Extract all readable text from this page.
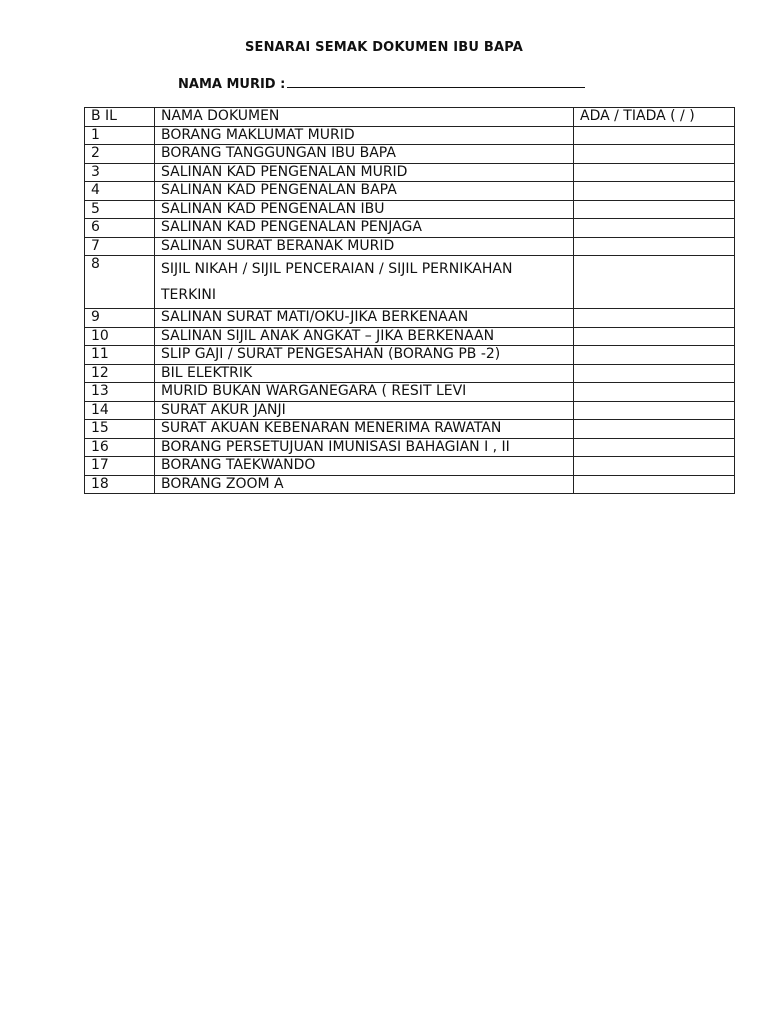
SENARAI SEMAK DOKUMEN IBU BAPA
NAMA MURID :
B IL	NAMA DOKUMEN	ADA / TIADA ( / )
1	BORANG MAKLUMAT MURID	
2	BORANG TANGGUNGAN IBU BAPA	
3	SALINAN KAD PENGENALAN MURID	
4	SALINAN KAD PENGENALAN BAPA	
5	SALINAN KAD PENGENALAN IBU	
6	SALINAN KAD PENGENALAN PENJAGA	
7	SALINAN SURAT BERANAK MURID	
8	SIJIL NIKAH / SIJIL PENCERAIAN / SIJIL PERNIKAHAN TERKINI	
9	SALINAN SURAT MATI/OKU-JIKA BERKENAAN	
10	SALINAN SIJIL ANAK ANGKAT – JIKA BERKENAAN	
11	SLIP GAJI / SURAT PENGESAHAN (BORANG PB -2)	
12	BIL ELEKTRIK	
13	MURID BUKAN WARGANEGARA ( RESIT LEVI	
14	SURAT AKUR JANJI	
15	SURAT AKUAN KEBENARAN MENERIMA RAWATAN	
16	BORANG PERSETUJUAN IMUNISASI BAHAGIAN I , II	
17	BORANG TAEKWANDO	
18	BORANG ZOOM A	
